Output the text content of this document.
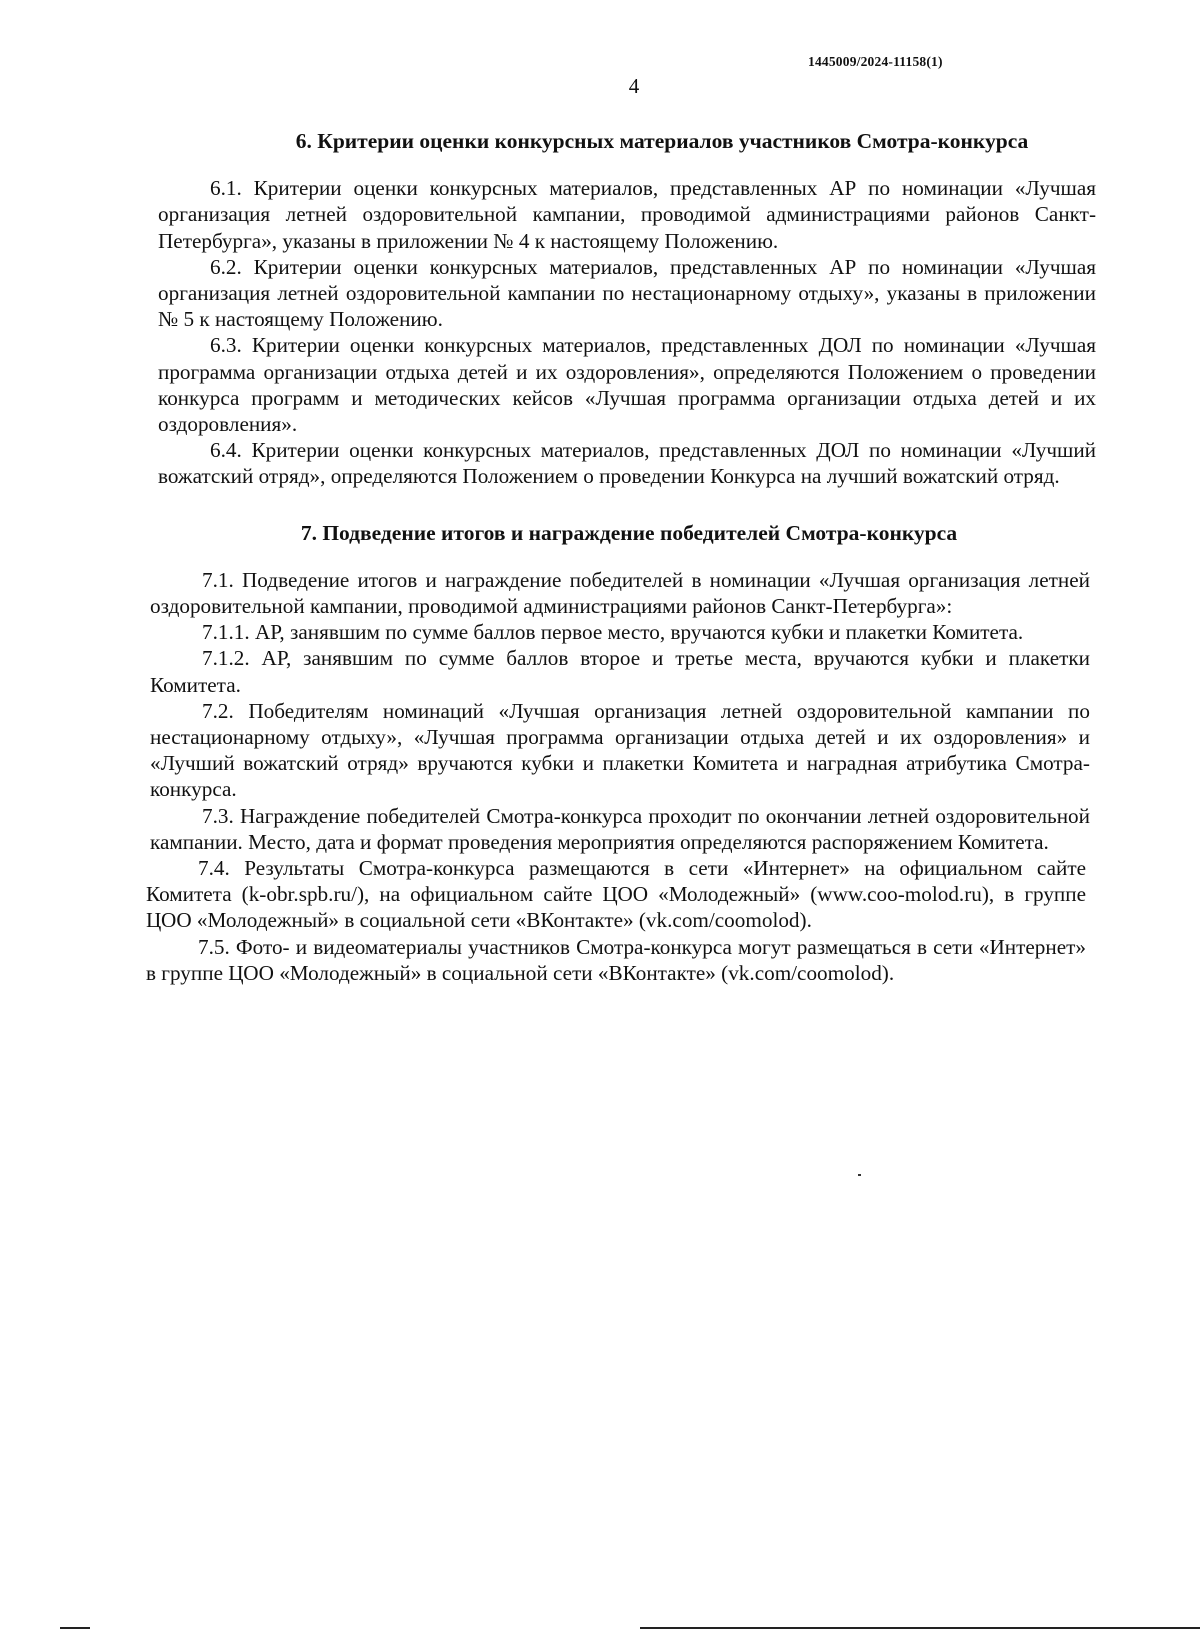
1445009/2024-11158(1)
4
6. Критерии оценки конкурсных материалов участников Смотра-конкурса

6.1. Критерии оценки конкурсных материалов, представленных АР по номинации «Лучшая организация летней оздоровительной кампании, проводимой администрациями районов Санкт-Петербурга», указаны в приложении № 4 к настоящему Положению.

6.2. Критерии оценки конкурсных материалов, представленных АР по номинации «Лучшая организация летней оздоровительной кампании по нестационарному отдыху», указаны в приложении № 5 к настоящему Положению.

6.3. Критерии оценки конкурсных материалов, представленных ДОЛ по номинации «Лучшая программа организации отдыха детей и их оздоровления», определяются Положением о проведении конкурса программ и методических кейсов «Лучшая программа организации отдыха детей и их оздоровления».

6.4. Критерии оценки конкурсных материалов, представленных ДОЛ по номинации «Лучший вожатский отряд», определяются Положением о проведении Конкурса на лучший вожатский отряд.

7. Подведение итогов и награждение победителей Смотра-конкурса

7.1. Подведение итогов и награждение победителей в номинации «Лучшая организация летней оздоровительной кампании, проводимой администрациями районов Санкт-Петербурга»:

7.1.1. АР, занявшим по сумме баллов первое место, вручаются кубки и плакетки Комитета.

7.1.2. АР, занявшим по сумме баллов второе и третье места, вручаются кубки и плакетки Комитета.

7.2. Победителям номинаций «Лучшая организация летней оздоровительной кампании по нестационарному отдыху», «Лучшая программа организации отдыха детей и их оздоровления» и «Лучший вожатский отряд» вручаются кубки и плакетки Комитета и наградная атрибутика Смотра-конкурса.

7.3. Награждение победителей Смотра-конкурса проходит по окончании летней оздоровительной кампании. Место, дата и формат проведения мероприятия определяются распоряжением Комитета.

7.4. Результаты Смотра-конкурса размещаются в сети «Интернет» на официальном сайте Комитета (k-obr.spb.ru/), на официальном сайте ЦОО «Молодежный» (www.coo-molod.ru), в группе ЦОО «Молодежный» в социальной сети «ВКонтакте» (vk.com/coomolod).

7.5. Фото- и видеоматериалы участников Смотра-конкурса могут размещаться в сети «Интернет» в группе ЦОО «Молодежный» в социальной сети «ВКонтакте» (vk.com/coomolod).
